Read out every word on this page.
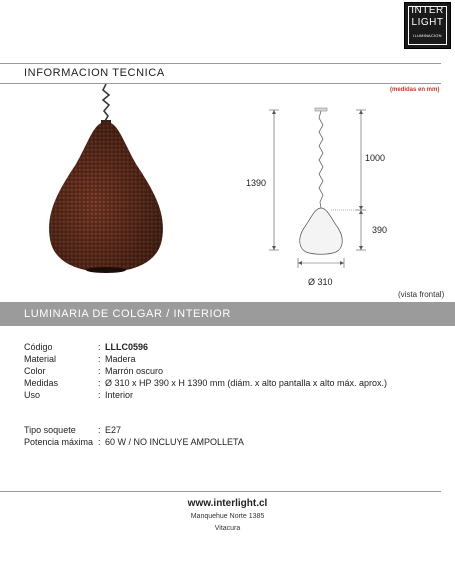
INTER
LIGHT
ILUMINACION
INFORMACION TECNICA
(medidas en mm)
1390
1000
390
Ø 310
(vista frontal)
LUMINARIA DE COLGAR / INTERIOR
Código	: LLLC0596
Material	: Madera
Color	: Marrón oscuro
Medidas	: Ø 310 x HP 390 x H 1390 mm (diám. x alto pantalla x alto máx. aprox.)
Uso	: Interior
Tipo soquete	: E27
Potencia máxima : 60 W / NO INCLUYE AMPOLLETA
www.interlight.cl
Manquehue Norte 1385
Vitacura
